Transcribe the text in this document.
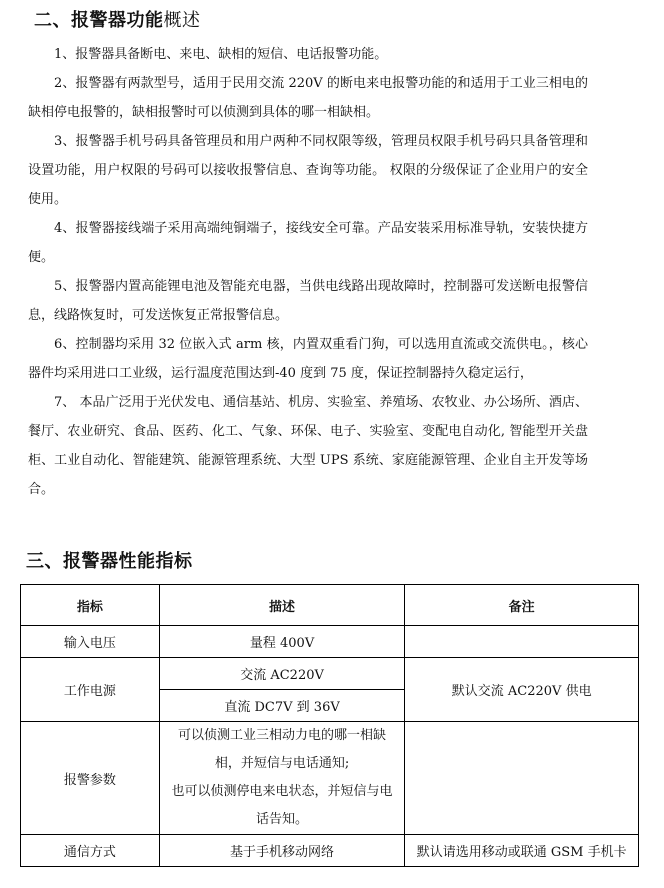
二、报警器功能概述

1、报警器具备断电、来电、缺相的短信、电话报警功能。

2、报警器有两款型号，适用于民用交流 220V 的断电来电报警功能的和适用于工业三相电的缺相停电报警的，缺相报警时可以侦测到具体的哪一相缺相。

3、报警器手机号码具备管理员和用户两种不同权限等级，管理员权限手机号码只具备管理和设置功能，用户权限的号码可以接收报警信息、查询等功能。 权限的分级保证了企业用户的安全使用。

4、报警器接线端子采用高端纯铜端子，接线安全可靠。产品安装采用标准导轨，安装快捷方便。

5、报警器内置高能锂电池及智能充电器，当供电线路出现故障时，控制器可发送断电报警信息，线路恢复时，可发送恢复正常报警信息。

6、控制器均采用 32 位嵌入式 arm 核，内置双重看门狗，可以选用直流或交流供电。，核心器件均采用进口工业级，运行温度范围达到-40 度到 75 度，保证控制器持久稳定运行，

7、 本品广泛用于光伏发电、通信基站、机房、实验室、养殖场、农牧业、办公场所、酒店、餐厅、农业研究、食品、医药、化工、气象、环保、电子、实验室、变配电自动化, 智能型开关盘柜、工业自动化、智能建筑、能源管理系统、大型 UPS 系统、家庭能源管理、企业自主开发等场合。

三、报警器性能指标
指标	描述	备注
输入电压	量程 400V	
工作电源	交流 AC220V	默认交流 AC220V 供电
	直流 DC7V 到 36V	
报警参数	可以侦测工业三相动力电的哪一相缺
相，并短信与电话通知;
也可以侦测停电来电状态，并短信与电
话告知。	

通信方式	基于手机移动网络	默认请选用移动或联通 GSM 手机卡
